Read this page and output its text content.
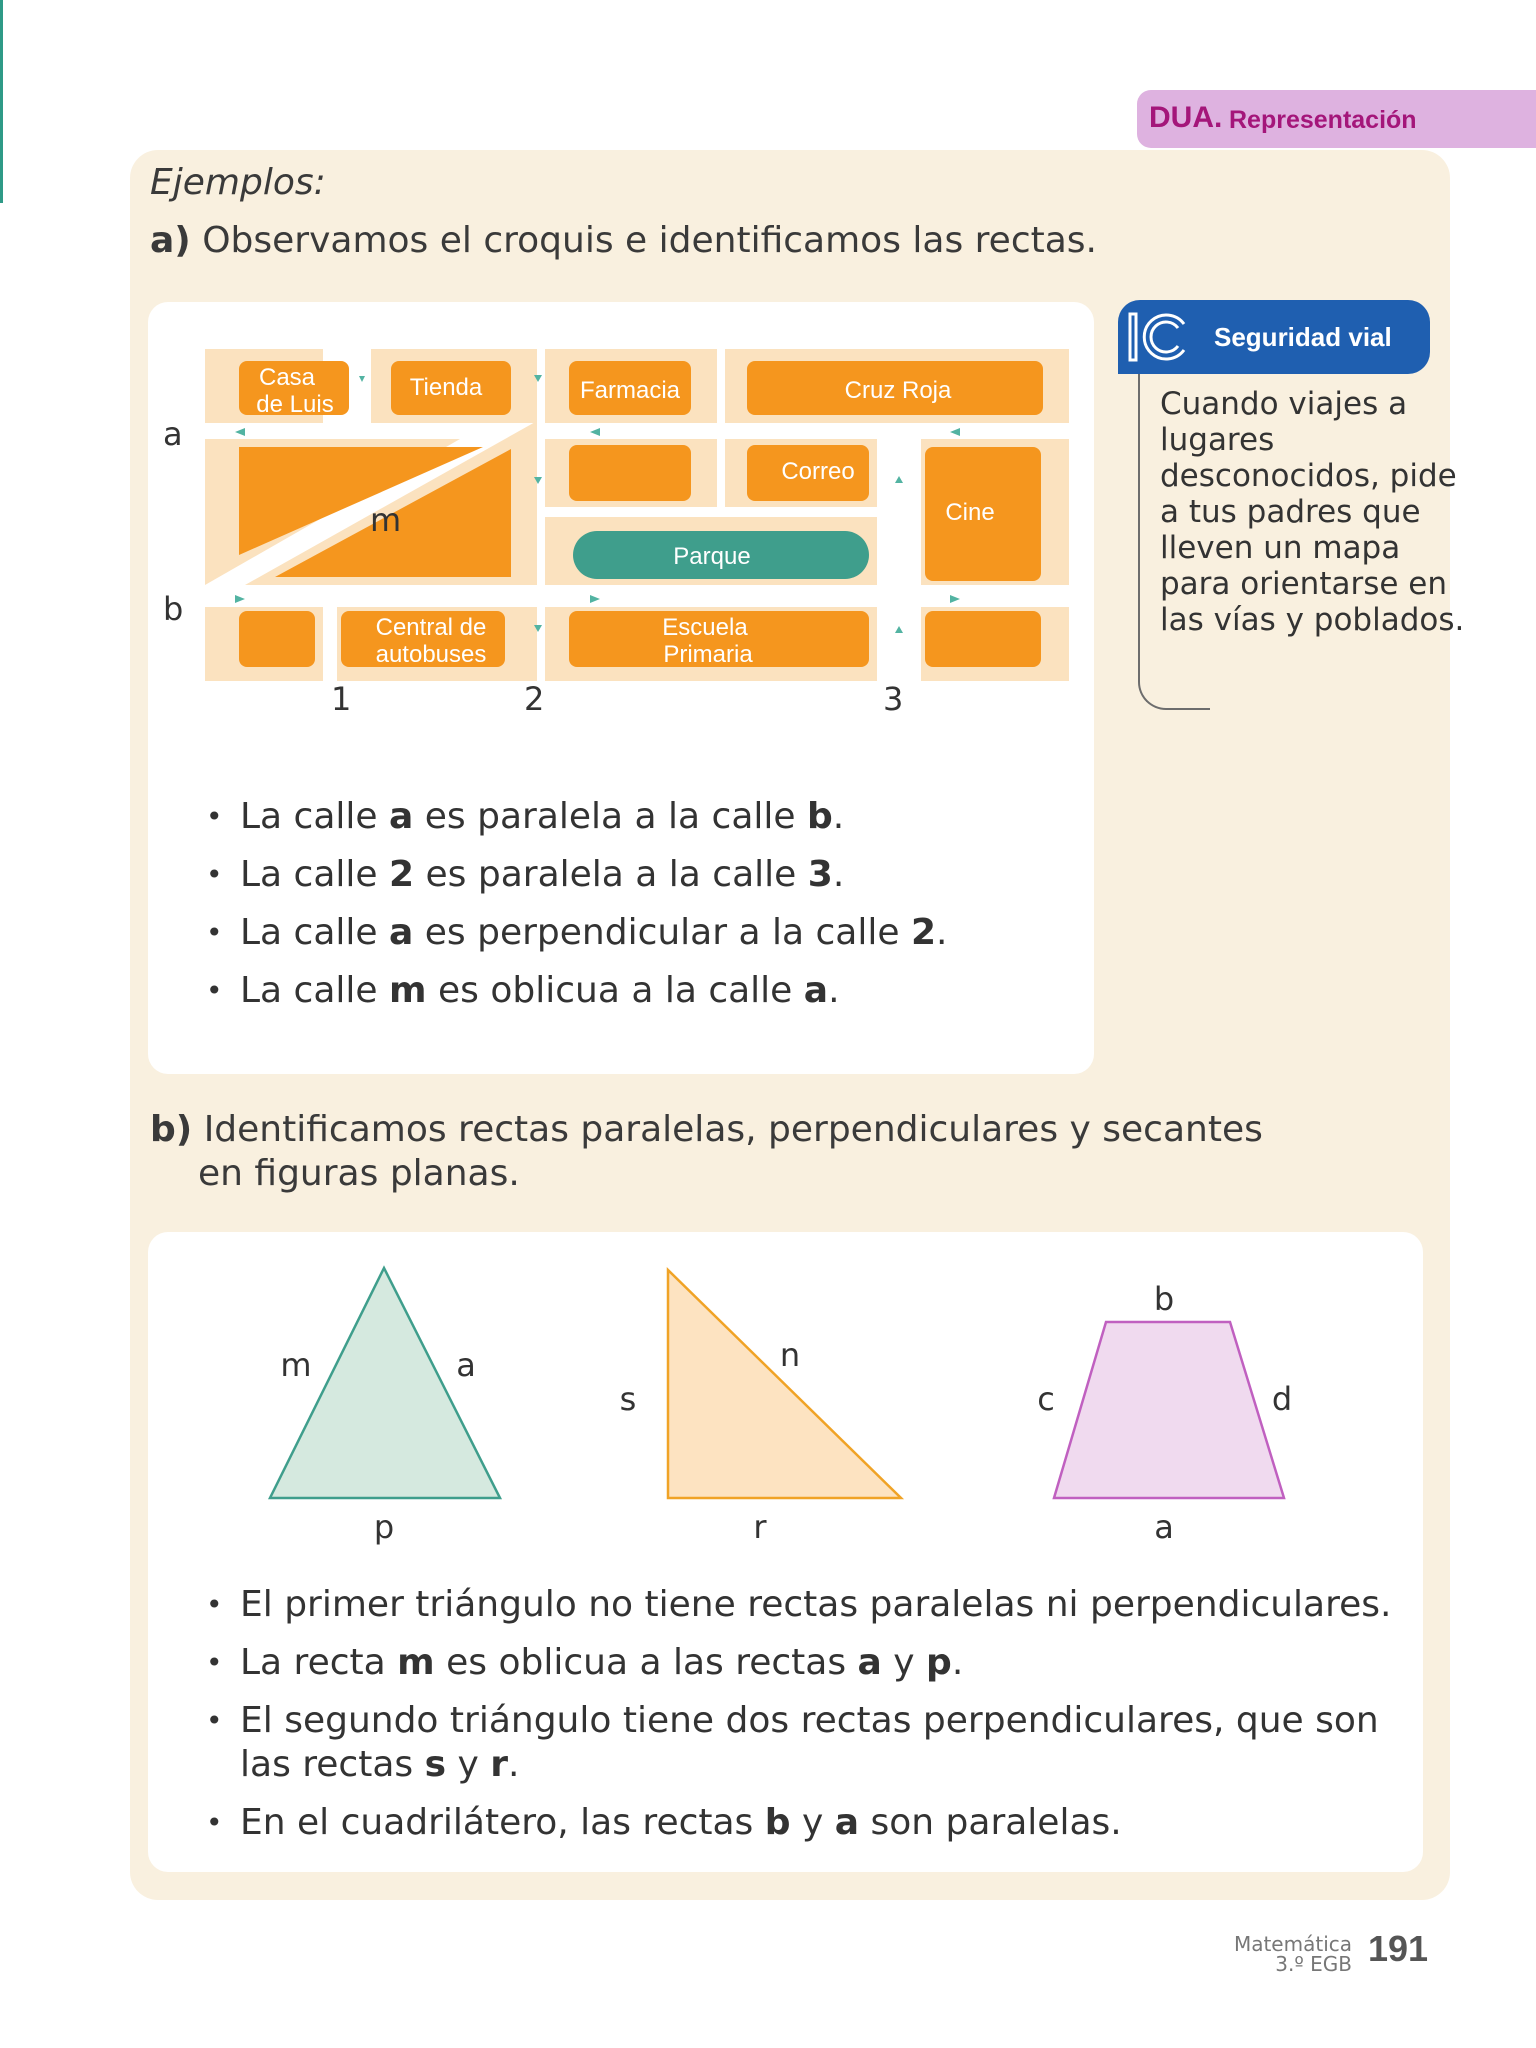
DUA. Representación
Ejemplos:
a) Observamos el croquis e identificamos las rectas.
Casa
de Luis
Tienda	Farmacia	Cruz Roja
Correo
Cine
Parque
Central de
autobuses
Escuela
Primaria
m
a
b
1	2	3
• La calle a es paralela a la calle b.
• La calle 2 es paralela a la calle 3.
• La calle a es perpendicular a la calle 2.
• La calle m es oblicua a la calle a.
Seguridad vial
Cuando viajes a lugares desconocidos, pide a tus padres que lleven un mapa para orientarse en las vías y poblados.
b) Identificamos rectas paralelas, perpendiculares y secantes
en figuras planas.
m	a
p
s
n
r
b
c	d
a
• El primer triángulo no tiene rectas paralelas ni perpendiculares.
• La recta m es oblicua a las rectas a y p.
• El segundo triángulo tiene dos rectas perpendiculares, que son
las rectas s y r.
• En el cuadrilátero, las rectas b y a son paralelas.
Matemática
3.º EGB 191
